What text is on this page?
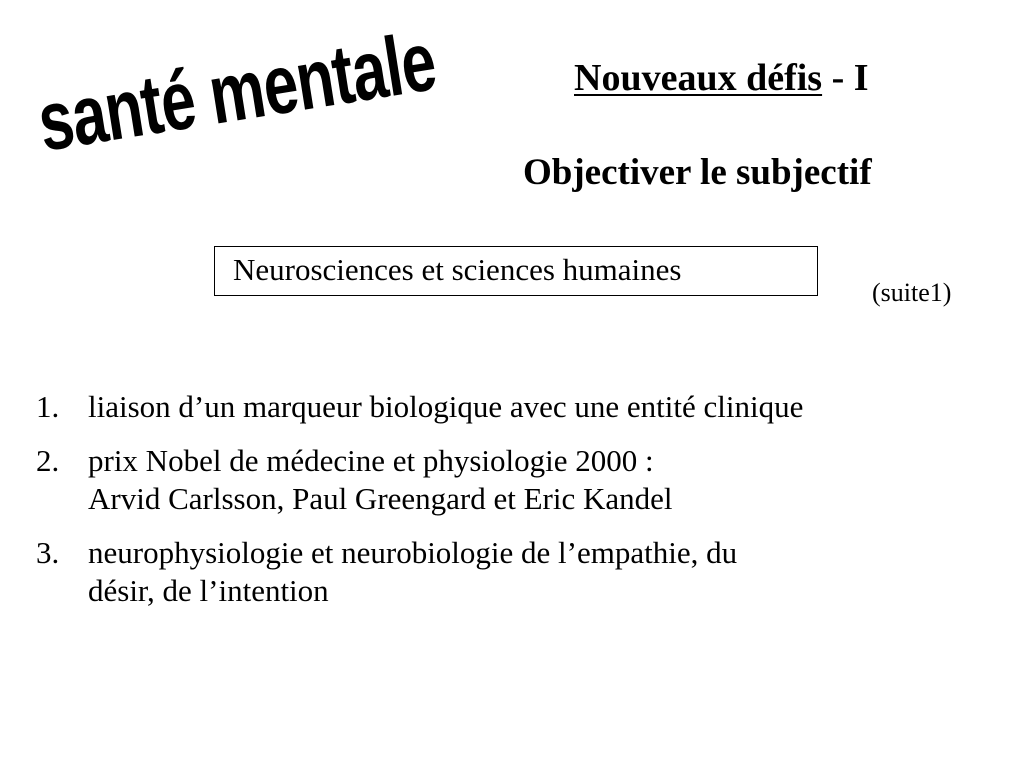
santé mentale	Nouveaux défis - I
Objectiver le subjectif
Neurosciences et sciences humaines
(suite1)
1. liaison d’un marqueur biologique avec une entité clinique
2. prix Nobel de médecine et physiologie 2000 :
Arvid Carlsson, Paul Greengard et Eric Kandel
3. neurophysiologie et neurobiologie de l’empathie, du
désir, de l’intention
